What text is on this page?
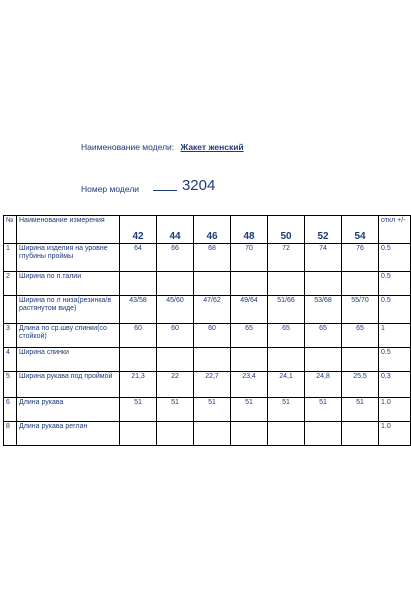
Наименование модели: Жакет женский
Номер модели	3204
№	Наименование измерения	42	44	46	48	50	52	54	откл +/-
1	Ширина изделия на уровне глубины проймы	64	66	68	70	72	74	76	0.5
2	Ширина по п.талии								0.5
	Ширина по л низа(резинка/в растянутом виде)	43/58	45/60	47/62	49/64	51/66	53/68	55/70	0.5
3	Длина по ср.шву спинки(со стойкой)	60	60	60	65	65	65	65	1
4	Ширина спинки								0.5
5	Ширина рукава под проймой	21,3	22	22,7	23,4	24,1	24,8	25,5	0,3
6	Длина рукава	51	51	51	51	51	51	51	1.0
8	Длина рукава реглан								1.0
